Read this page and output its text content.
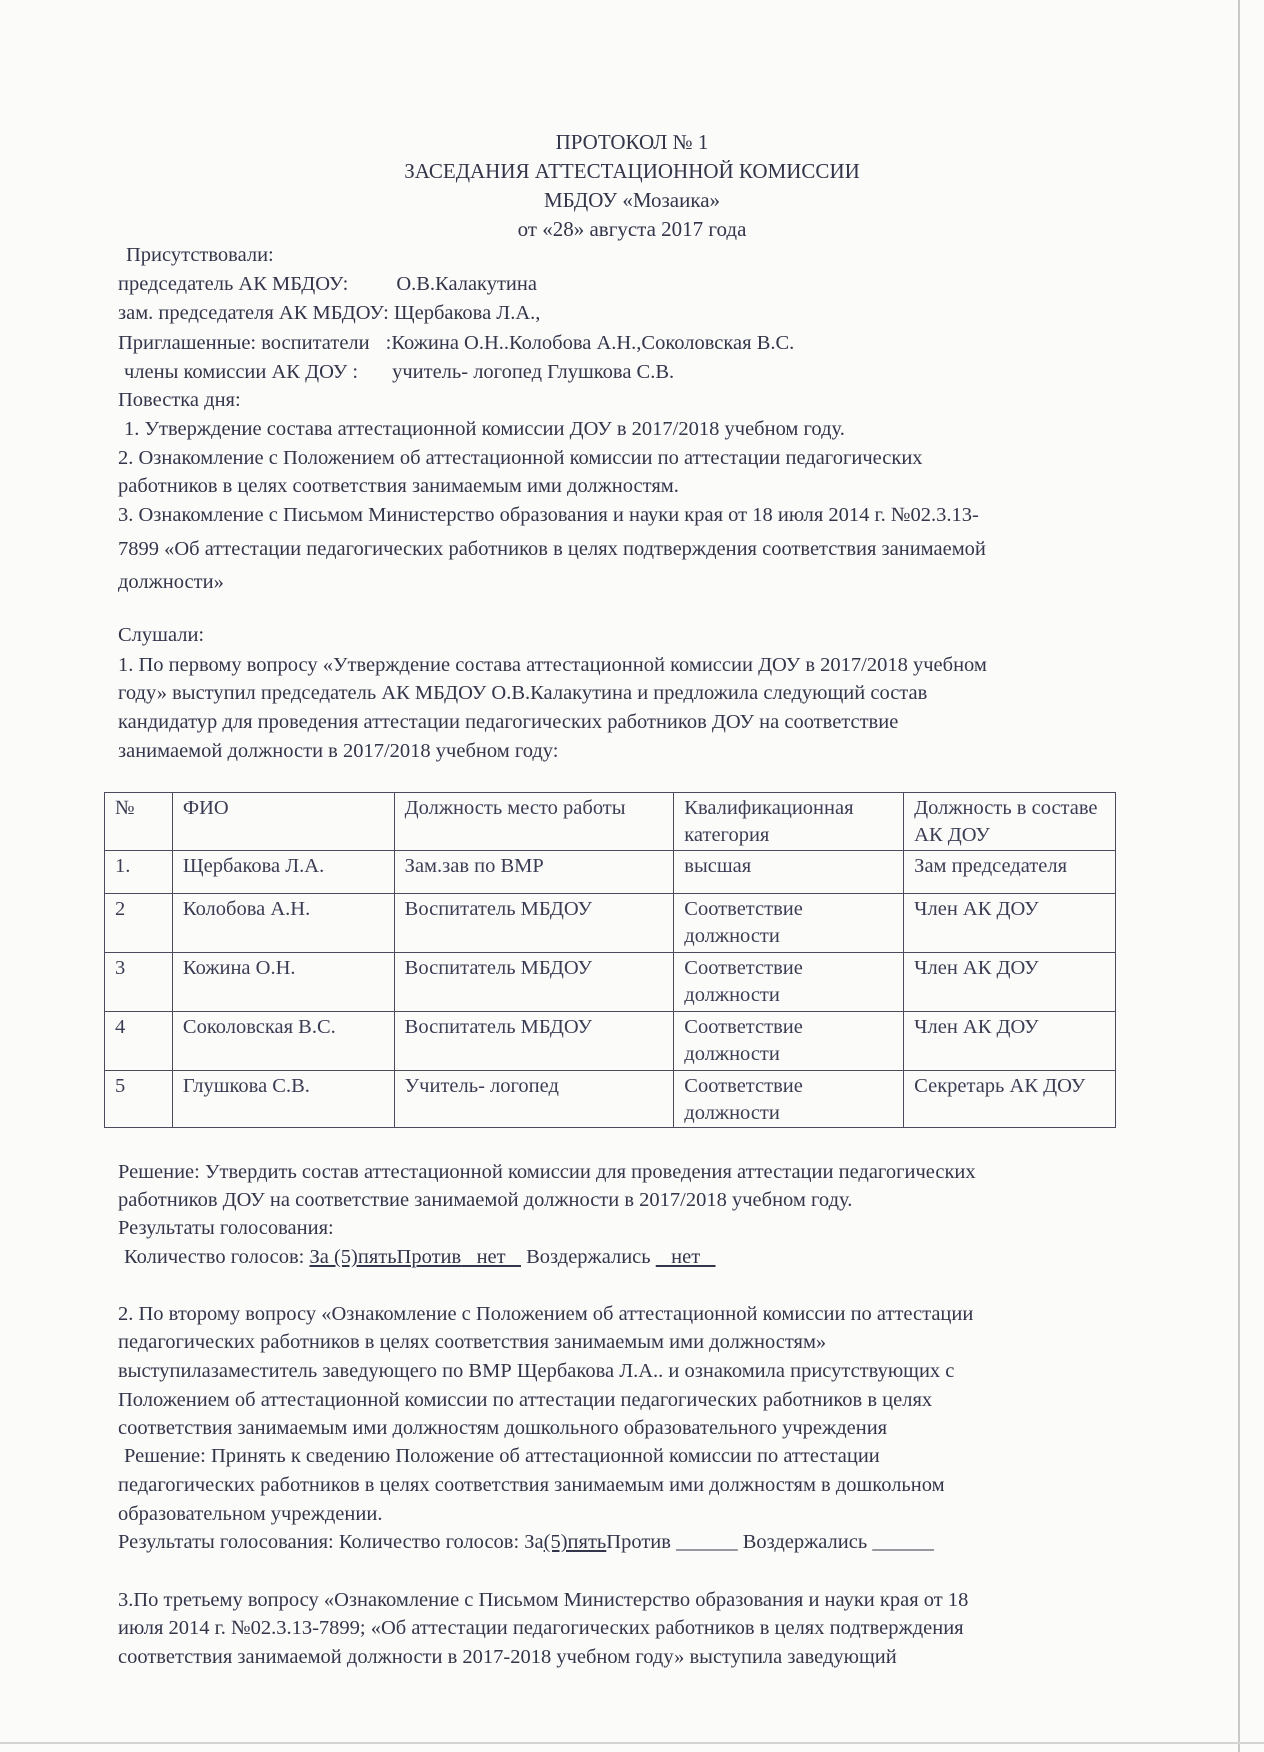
ПРОТОКОЛ № 1
ЗАСЕДАНИЯ АТТЕСТАЦИОННОЙ КОМИССИИ
МБДОУ «Мозаика»
от «28» августа 2017 года
Присутствовали:
председатель АК МБДОУ: О.В.Калакутина
зам. председателя АК МБДОУ: Щербакова Л.А.,
Приглашенные: воспитатели :Кожина О.Н..Колобова А.Н.,Соколовская В.С.
члены комиссии АК ДОУ : учитель- логопед Глушкова С.В.
Повестка дня:
1. Утверждение состава аттестационной комиссии ДОУ в 2017/2018 учебном году.
2. Ознакомление с Положением об аттестационной комиссии по аттестации педагогических
работников в целях соответствия занимаемым ими должностям.
3. Ознакомление с Письмом Министерство образования и науки края от 18 июля 2014 г. №02.3.13-
7899 «Об аттестации педагогических работников в целях подтверждения соответствия занимаемой
должности»
Слушали:
1. По первому вопросу «Утверждение состава аттестационной комиссии ДОУ в 2017/2018 учебном
году» выступил председатель АК МБДОУ О.В.Калакутина и предложила следующий состав
кандидатур для проведения аттестации педагогических работников ДОУ на соответствие
занимаемой должности в 2017/2018 учебном году:
№	ФИО	Должность место работы	Квалификационная категория	Должность в составе АК ДОУ
1.	Щербакова Л.А.	Зам.зав по ВМР	высшая	Зам председателя
2	Колобова А.Н.	Воспитатель МБДОУ	Соответствие должности	Член АК ДОУ
3	Кожина О.Н.	Воспитатель МБДОУ	Соответствие должности	Член АК ДОУ
4	Соколовская В.С.	Воспитатель МБДОУ	Соответствие должности	Член АК ДОУ
5	Глушкова С.В.	Учитель- логопед	Соответствие должности	Секретарь АК ДОУ
Решение: Утвердить состав аттестационной комиссии для проведения аттестации педагогических
работников ДОУ на соответствие занимаемой должности в 2017/2018 учебном году.
Результаты голосования:
Количество голосов: За (5)пятьПротив   нет    Воздержались    нет
2. По второму вопросу «Ознакомление с Положением об аттестационной комиссии по аттестации
педагогических работников в целях соответствия занимаемым ими должностям»
выступилазаместитель заведующего по ВМР Щербакова Л.А.. и ознакомила присутствующих с
Положением об аттестационной комиссии по аттестации педагогических работников в целях
соответствия занимаемым ими должностям дошкольного образовательного учреждения
Решение: Принять к сведению Положение об аттестационной комиссии по аттестации
педагогических работников в целях соответствия занимаемым ими должностям в дошкольном
образовательном учреждении.
Результаты голосования: Количество голосов: За(5)пятьПротив ______ Воздержались ______
3.По третьему вопросу «Ознакомление с Письмом Министерство образования и науки края от 18
июля 2014 г. №02.3.13-7899; «Об аттестации педагогических работников в целях подтверждения
соответствия занимаемой должности в 2017-2018 учебном году» выступила заведующий
